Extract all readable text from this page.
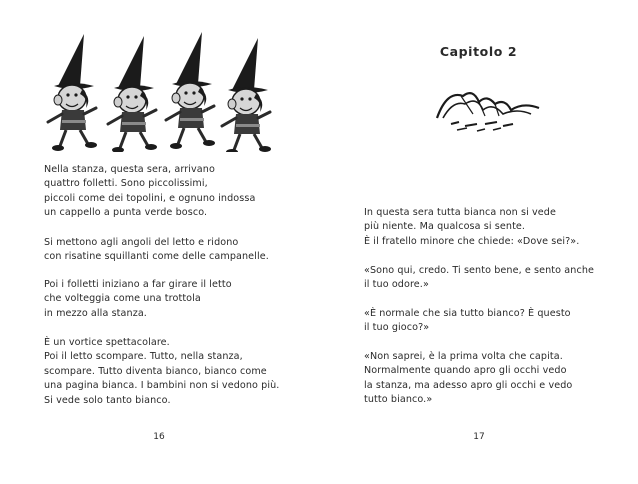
Nella stanza, questa sera, arrivano
quattro folletti. Sono piccolissimi,
piccoli come dei topolini, e ognuno indossa
un cappello a punta verde bosco.
Si mettono agli angoli del letto e ridono
con risatine squillanti come delle campanelle.
Poi i folletti iniziano a far girare il letto
che volteggia come una trottola
in mezzo alla stanza.
È un vortice spettacolare.
Poi il letto scompare. Tutto, nella stanza,
scompare. Tutto diventa bianco, bianco come
una pagina bianca. I bambini non si vedono più.
Si vede solo tanto bianco.
16
Capitolo 2
In questa sera tutta bianca non si vede
più niente. Ma qualcosa si sente.
È il fratello minore che chiede: «Dove sei?».
«Sono qui, credo. Ti sento bene, e sento anche
il tuo odore.»
«È normale che sia tutto bianco? È questo
il tuo gioco?»
«Non saprei, è la prima volta che capita.
Normalmente quando apro gli occhi vedo
la stanza, ma adesso apro gli occhi e vedo
tutto bianco.»
17
